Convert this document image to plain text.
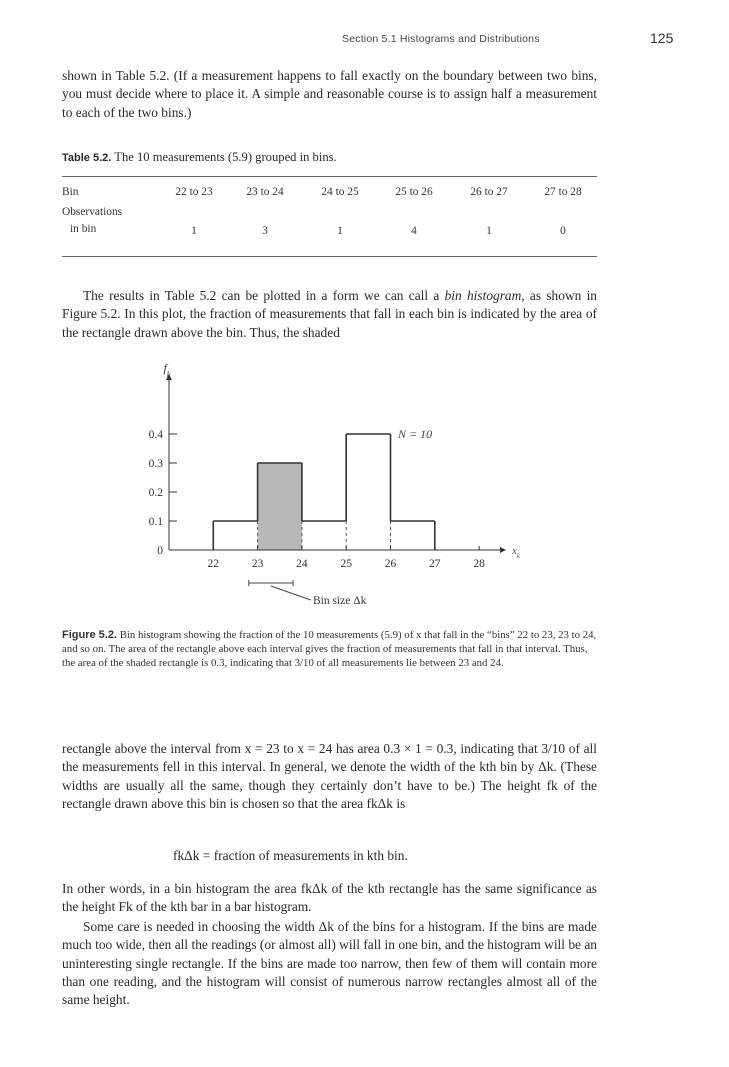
Section 5.1 Histograms and Distributions	125

shown in Table 5.2. (If a measurement happens to fall exactly on the boundary between two bins, you must decide where to place it. A simple and reasonable course is to assign half a measurement to each of the two bins.)

Table 5.2. The 10 measurements (5.9) grouped in bins.
Bin	22 to 23	23 to 24	24 to 25	25 to 26	26 to 27	27 to 28
Observations
in bin	1	3	1	4	1	0

The results in Table 5.2 can be plotted in a form we can call a bin histogram, as shown in Figure 5.2. In this plot, the fraction of measurements that fall in each bin is indicated by the area of the rectangle drawn above the bin. Thus, the shaded

0
0.1
0.2
0.3
0.4
22	23	24	25	26	27	28
$f_k$
$x_k$
N = 10
Bin size Δk
Figure 5.2. Bin histogram showing the fraction of the 10 measurements (5.9) of x that fall in the “bins” 22 to 23, 23 to 24, and so on. The area of the rectangle above each interval gives the fraction of measurements that fall in that interval. Thus, the area of the shaded rectangle is 0.3, indicating that 3/10 of all measurements lie between 23 and 24.

rectangle above the interval from x = 23 to x = 24 has area 0.3 × 1 = 0.3, indicating that 3/10 of all the measurements fell in this interval. In general, we denote the width of the kth bin by Δk. (These widths are usually all the same, though they certainly don’t have to be.) The height fk of the rectangle drawn above this bin is chosen so that the area fkΔk is

fkΔk = fraction of measurements in kth bin.

In other words, in a bin histogram the area fkΔk of the kth rectangle has the same significance as the height Fk of the kth bar in a bar histogram.

Some care is needed in choosing the width Δk of the bins for a histogram. If the bins are made much too wide, then all the readings (or almost all) will fall in one bin, and the histogram will be an uninteresting single rectangle. If the bins are made too narrow, then few of them will contain more than one reading, and the histogram will consist of numerous narrow rectangles almost all of the same height.
